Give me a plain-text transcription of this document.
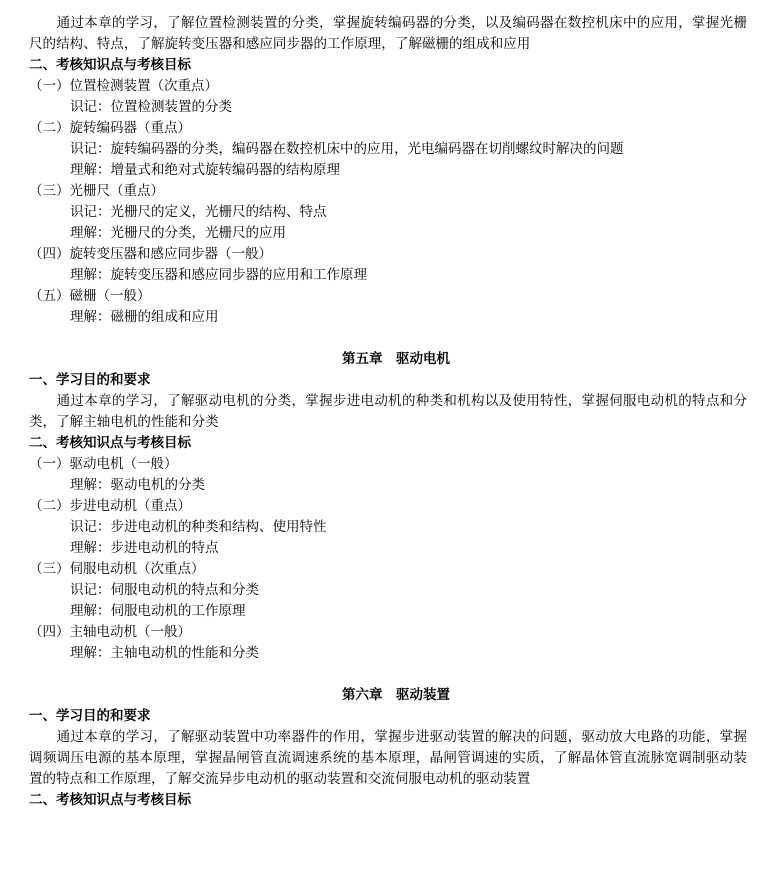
通过本章的学习，了解位置检测装置的分类，掌握旋转编码器的分类，以及编码器在数控机床中的应用，掌握光栅尺的结构、特点，了解旋转变压器和感应同步器的工作原理，了解磁栅的组成和应用
二、考核知识点与考核目标
（一）位置检测装置（次重点）
识记：位置检测装置的分类
（二）旋转编码器（重点）
识记：旋转编码器的分类，编码器在数控机床中的应用，光电编码器在切削螺纹时解决的问题
理解：增量式和绝对式旋转编码器的结构原理
（三）光栅尺（重点）
识记：光栅尺的定义，光栅尺的结构、特点
理解：光栅尺的分类，光栅尺的应用
（四）旋转变压器和感应同步器（一般）
理解：旋转变压器和感应同步器的应用和工作原理
（五）磁栅（一般）
理解：磁栅的组成和应用
第五章　驱动电机
一、学习目的和要求
通过本章的学习，了解驱动电机的分类，掌握步进电动机的种类和机构以及使用特性，掌握伺服电动机的特点和分类，了解主轴电机的性能和分类
二、考核知识点与考核目标
（一）驱动电机（一般）
理解：驱动电机的分类
（二）步进电动机（重点）
识记：步进电动机的种类和结构、使用特性
理解：步进电动机的特点
（三）伺服电动机（次重点）
识记：伺服电动机的特点和分类
理解：伺服电动机的工作原理
（四）主轴电动机（一般）
理解：主轴电动机的性能和分类
第六章　驱动装置
一、学习目的和要求
通过本章的学习，了解驱动装置中功率器件的作用，掌握步进驱动装置的解决的问题，驱动放大电路的功能，掌握调频调压电源的基本原理，掌握晶闸管直流调速系统的基本原理，晶闸管调速的实质，了解晶体管直流脉宽调制驱动装置的特点和工作原理，了解交流异步电动机的驱动装置和交流伺服电动机的驱动装置
二、考核知识点与考核目标
